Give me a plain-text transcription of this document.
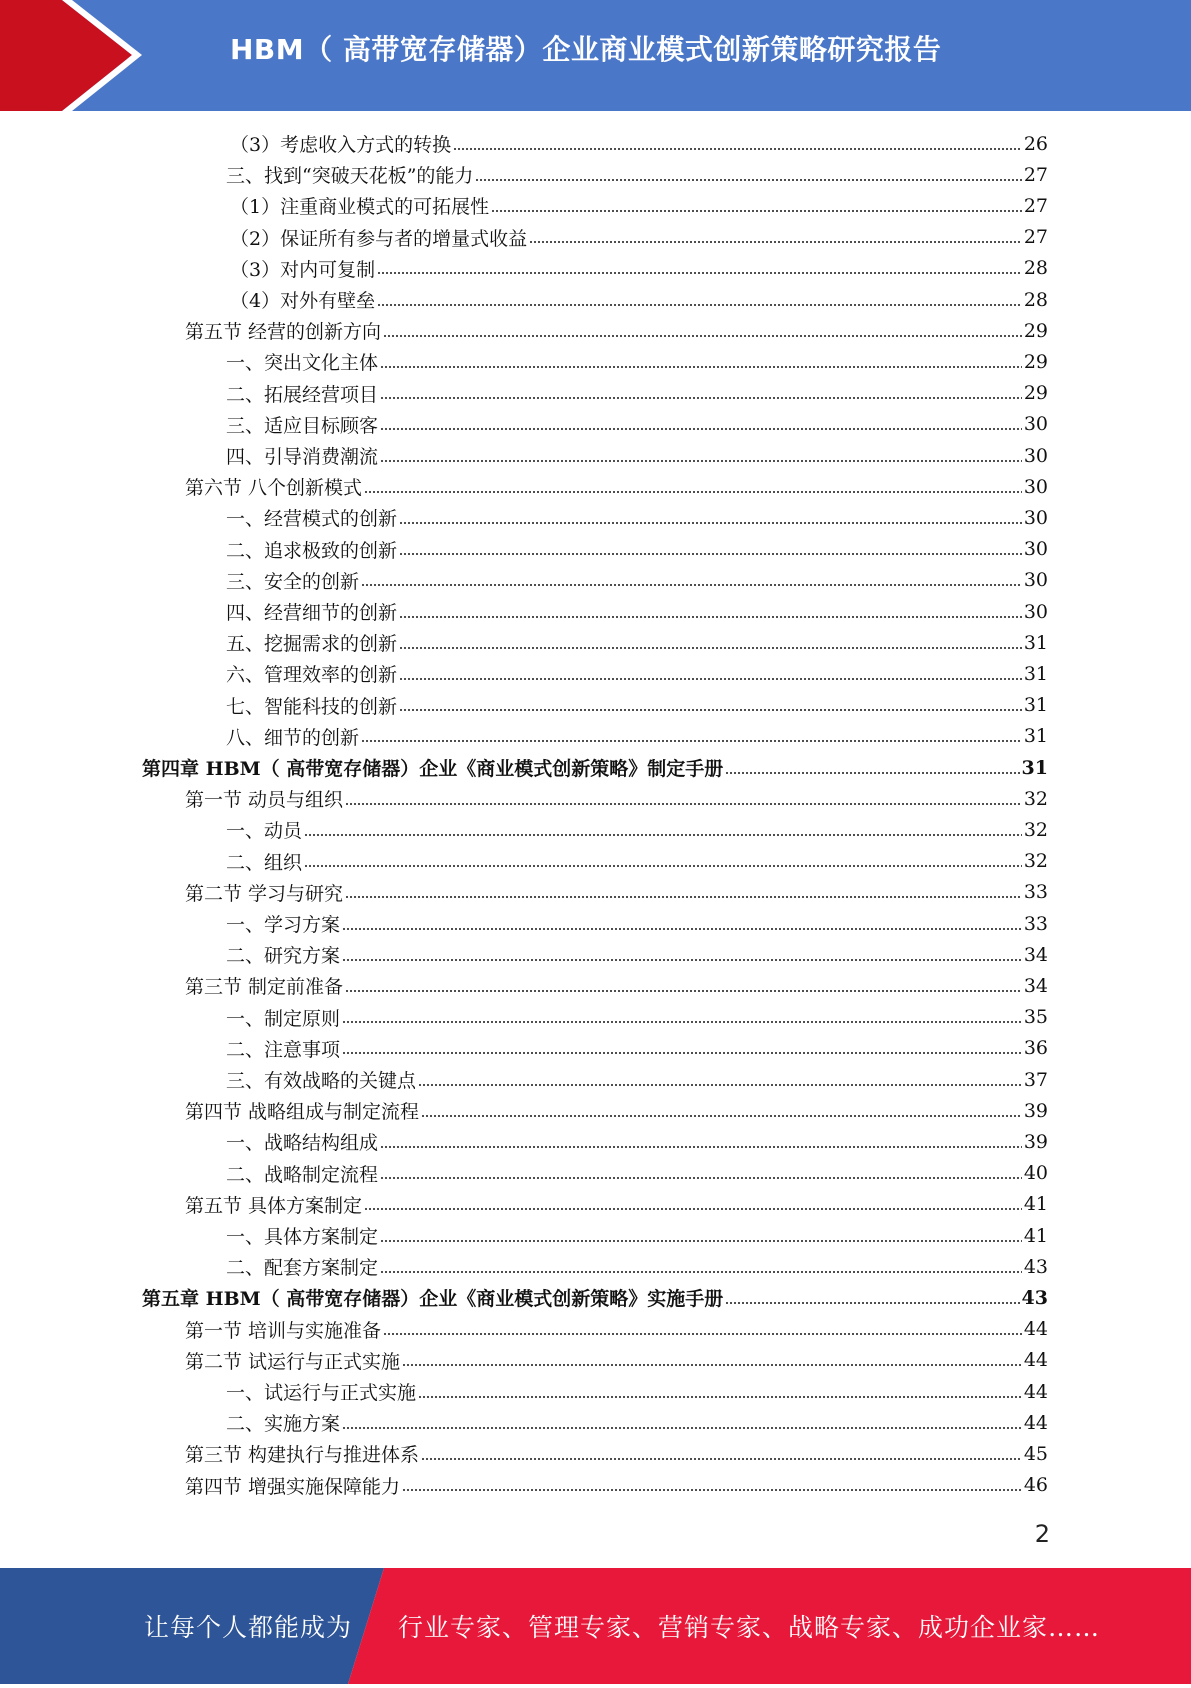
HBM（ 高带宽存储器）企业商业模式创新策略研究报告
（3）考虑收入方式的转换	26
三、找到“突破天花板”的能力	27
（1）注重商业模式的可拓展性	27
（2）保证所有参与者的增量式收益	27
（3）对内可复制	28
（4）对外有壁垒	28
第五节 经营的创新方向	29
一、突出文化主体	29
二、拓展经营项目	29
三、适应目标顾客	30
四、引导消费潮流	30
第六节 八个创新模式	30
一、经营模式的创新	30
二、追求极致的创新	30
三、安全的创新	30
四、经营细节的创新	30
五、挖掘需求的创新	31
六、管理效率的创新	31
七、智能科技的创新	31
八、细节的创新	31
第四章 HBM（ 高带宽存储器）企业《商业模式创新策略》制定手册	31
第一节 动员与组织	32
一、动员	32
二、组织	32
第二节 学习与研究	33
一、学习方案	33
二、研究方案	34
第三节 制定前准备	34
一、制定原则	35
二、注意事项	36
三、有效战略的关键点	37
第四节 战略组成与制定流程	39
一、战略结构组成	39
二、战略制定流程	40
第五节 具体方案制定	41
一、具体方案制定	41
二、配套方案制定	43
第五章 HBM（ 高带宽存储器）企业《商业模式创新策略》实施手册	43
第一节 培训与实施准备	44
第二节 试运行与正式实施	44
一、试运行与正式实施	44
二、实施方案	44
第三节 构建执行与推进体系	45
第四节 增强实施保障能力	46
2
让每个人都能成为 行业专家、管理专家、营销专家、战略专家、成功企业家……
